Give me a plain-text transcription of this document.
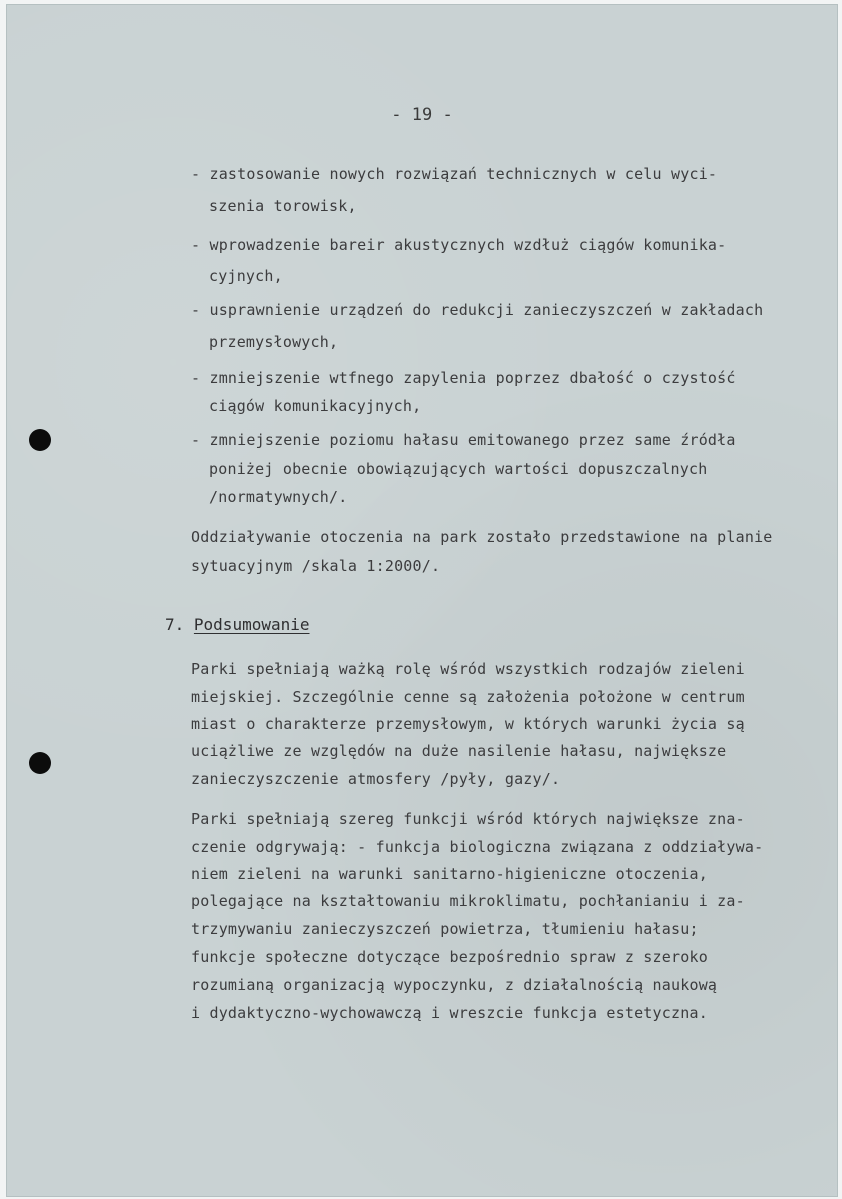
- 19 -
- zastosowanie nowych rozwiązań technicznych w celu wyci-
szenia torowisk,
- wprowadzenie bareir akustycznych wzdłuż ciągów komunika-
cyjnych,
- usprawnienie urządzeń do redukcji zanieczyszczeń w zakładach
przemysłowych,
- zmniejszenie wtfnego zapylenia poprzez dbałość o czystość
ciągów komunikacyjnych,
- zmniejszenie poziomu hałasu emitowanego przez same źródła
poniżej obecnie obowiązujących wartości dopuszczalnych
/normatywnych/.
Oddziaływanie otoczenia na park zostało przedstawione na planie
sytuacyjnym /skala 1:2000/.
7. Podsumowanie
Parki spełniają ważką rolę wśród wszystkich rodzajów zieleni
miejskiej. Szczególnie cenne są założenia położone w centrum
miast o charakterze przemysłowym, w których warunki życia są
uciążliwe ze względów na duże nasilenie hałasu, największe
zanieczyszczenie atmosfery /pyły, gazy/.
Parki spełniają szereg funkcji wśród których największe zna-
czenie odgrywają: - funkcja biologiczna związana z oddziaływa-
niem zieleni na warunki sanitarno-higieniczne otoczenia,
polegające na kształtowaniu mikroklimatu, pochłanianiu i za-
trzymywaniu zanieczyszczeń powietrza, tłumieniu hałasu;
funkcje społeczne dotyczące bezpośrednio spraw z szeroko
rozumianą organizacją wypoczynku, z działalnością naukową
i dydaktyczno-wychowawczą i wreszcie funkcja estetyczna.
